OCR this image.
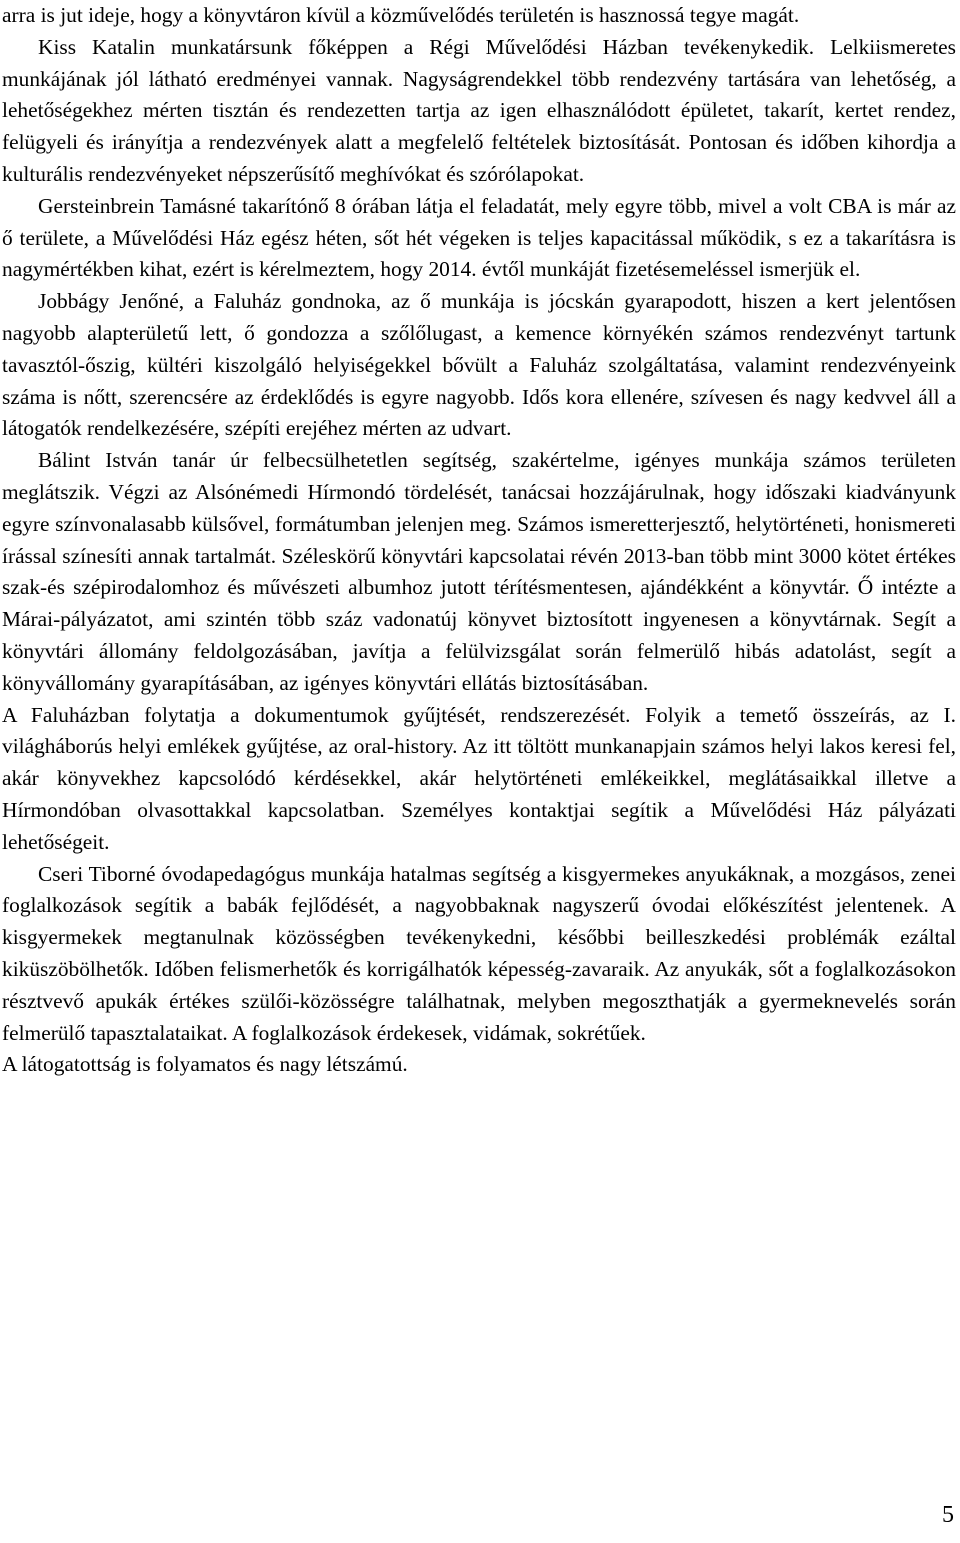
arra is jut ideje, hogy a könyvtáron kívül a közművelődés területén is hasznossá tegye magát.

Kiss Katalin munkatársunk főképpen a Régi Művelődési Házban tevékenykedik. Lelkiismeretes munkájának jól látható eredményei vannak. Nagyságrendekkel több rendezvény tartására van lehetőség, a lehetőségekhez mérten tisztán és rendezetten tartja az igen elhasználódott épületet, takarít, kertet rendez, felügyeli és irányítja a rendezvények alatt a megfelelő feltételek biztosítását. Pontosan és időben kihordja a kulturális rendezvényeket népszerűsítő meghívókat és szórólapokat.

Gersteinbrein Tamásné takarítónő 8 órában látja el feladatát, mely egyre több, mivel a volt CBA is már az ő területe, a Művelődési Ház egész héten, sőt hét végeken is teljes kapacitással működik, s ez a takarításra is nagymértékben kihat, ezért is kérelmeztem, hogy 2014. évtől munkáját fizetésemeléssel ismerjük el.

Jobbágy Jenőné, a Faluház gondnoka, az ő munkája is jócskán gyarapodott, hiszen a kert jelentősen nagyobb alapterületű lett, ő gondozza a szőlőlugast, a kemence környékén számos rendezvényt tartunk tavasztól-őszig, kültéri kiszolgáló helyiségekkel bővült a Faluház szolgáltatása, valamint rendezvényeink száma is nőtt, szerencsére az érdeklődés is egyre nagyobb. Idős kora ellenére, szívesen és nagy kedvvel áll a látogatók rendelkezésére, szépíti erejéhez mérten az udvart.

Bálint István tanár úr felbecsülhetetlen segítség, szakértelme, igényes munkája számos területen meglátszik. Végzi az Alsónémedi Hírmondó tördelését, tanácsai hozzájárulnak, hogy időszaki kiadványunk egyre színvonalasabb külsővel, formátumban jelenjen meg. Számos ismeretterjesztő, helytörténeti, honismereti írással színesíti annak tartalmát. Széleskörű könyvtári kapcsolatai révén 2013-ban több mint 3000 kötet értékes szak-és szépirodalomhoz és művészeti albumhoz jutott térítésmentesen, ajándékként a könyvtár. Ő intézte a Márai-pályázatot, ami szintén több száz vadonatúj könyvet biztosított ingyenesen a könyvtárnak. Segít a könyvtári állomány feldolgozásában, javítja a felülvizsgálat során felmerülő hibás adatolást, segít a könyvállomány gyarapításában, az igényes könyvtári ellátás biztosításában.

A Faluházban folytatja a dokumentumok gyűjtését, rendszerezését. Folyik a temető összeírás, az I. világháborús helyi emlékek gyűjtése, az oral-history. Az itt töltött munkanapjain számos helyi lakos keresi fel, akár könyvekhez kapcsolódó kérdésekkel, akár helytörténeti emlékeikkel, meglátásaikkal illetve a Hírmondóban olvasottakkal kapcsolatban. Személyes kontaktjai segítik a Művelődési Ház pályázati lehetőségeit.

Cseri Tiborné óvodapedagógus munkája hatalmas segítség a kisgyermekes anyukáknak, a mozgásos, zenei foglalkozások segítik a babák fejlődését, a nagyobbaknak nagyszerű óvodai előkészítést jelentenek. A kisgyermekek megtanulnak közösségben tevékenykedni, későbbi beilleszkedési problémák ezáltal kiküszöbölhetők. Időben felismerhetők és korrigálhatók képesség-zavaraik. Az anyukák, sőt a foglalkozásokon résztvevő apukák értékes szülői-közösségre találhatnak, melyben megoszthatják a gyermeknevelés során felmerülő tapasztalataikat. A foglalkozások érdekesek, vidámak, sokrétűek.

A látogatottság is folyamatos és nagy létszámú.

5
